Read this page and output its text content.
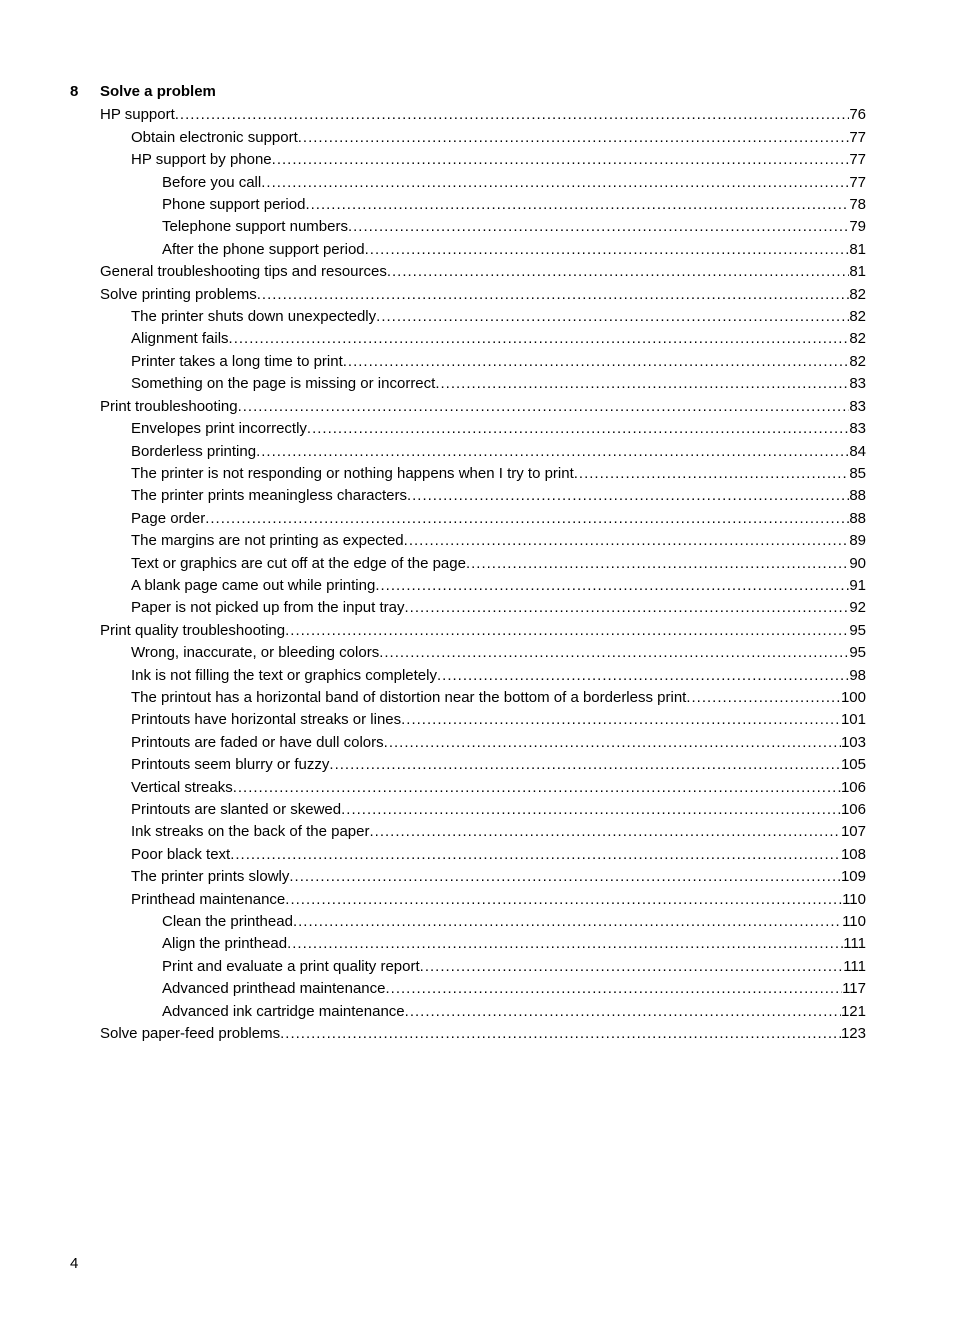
8	Solve a problem
HP support .....	76
Obtain electronic support .....	77
HP support by phone .....	77
Before you call .....	77
Phone support period .....	78
Telephone support numbers .....	79
After the phone support period .....	81
General troubleshooting tips and resources .....	81
Solve printing problems .....	82
The printer shuts down unexpectedly .....	82
Alignment fails .....	82
Printer takes a long time to print .....	82
Something on the page is missing or incorrect .....	83
Print troubleshooting .....	83
Envelopes print incorrectly .....	83
Borderless printing .....	84
The printer is not responding or nothing happens when I try to print .....	85
The printer prints meaningless characters .....	88
Page order .....	88
The margins are not printing as expected .....	89
Text or graphics are cut off at the edge of the page .....	90
A blank page came out while printing .....	91
Paper is not picked up from the input tray .....	92
Print quality troubleshooting .....	95
Wrong, inaccurate, or bleeding colors .....	95
Ink is not filling the text or graphics completely .....	98
The printout has a horizontal band of distortion near the bottom of a borderless print .....	100
Printouts have horizontal streaks or lines .....	101
Printouts are faded or have dull colors .....	103
Printouts seem blurry or fuzzy .....	105
Vertical streaks .....	106
Printouts are slanted or skewed .....	106
Ink streaks on the back of the paper .....	107
Poor black text .....	108
The printer prints slowly .....	109
Printhead maintenance .....	110
Clean the printhead .....	110
Align the printhead .....	111
Print and evaluate a print quality report .....	111
Advanced printhead maintenance .....	117
Advanced ink cartridge maintenance .....	121
Solve paper-feed problems .....	123
4
